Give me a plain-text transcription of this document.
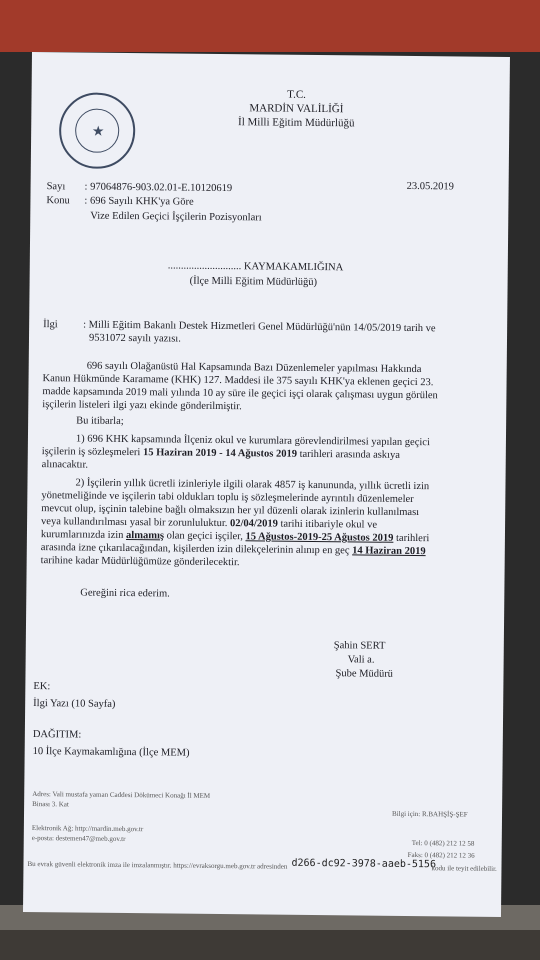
★
T.C.
MARDİN VALİLİĞİ
İl Milli Eğitim Müdürlüğü
Sayı : 97064876-903.02.01-E.10120619	23.05.2019
Konu : 696 Sayılı KHK'ya Göre
Vize Edilen Geçici İşçilerin Pozisyonları
............................ KAYMAKAMLIĞINA
(İlçe Milli Eğitim Müdürlüğü)
İlgi : Milli Eğitim Bakanlı Destek Hizmetleri Genel Müdürlüğü'nün 14/05/2019 tarih ve
9531072 sayılı yazısı.
696 sayılı Olağanüstü Hal Kapsamında Bazı Düzenlemeler yapılması Hakkında
Kanun Hükmünde Karamame (KHK) 127. Maddesi ile 375 sayılı KHK'ya eklenen geçici 23.
madde kapsamında 2019 mali yılında 10 ay süre ile geçici işçi olarak çalışması uygun görülen
işçilerin listeleri ilgi yazı ekinde gönderilmiştir.
Bu itibarla;
1) 696 KHK kapsamında İlçeniz okul ve kurumlara görevlendirilmesi yapılan geçici
işçilerin iş sözleşmeleri 15 Haziran 2019 - 14 Ağustos 2019 tarihleri arasında askıya
alınacaktır.
2) İşçilerin yıllık ücretli izinleriyle ilgili olarak 4857 iş kanununda, yıllık ücretli izin
yönetmeliğinde ve işçilerin tabi oldukları toplu iş sözleşmelerinde ayrıntılı düzenlemeler
mevcut olup, işçinin talebine bağlı olmaksızın her yıl düzenli olarak izinlerin kullanılması
veya kullandırılması yasal bir zorunluluktur. 02/04/2019 tarihi itibariyle okul ve
kurumlarınızda izin almamış olan geçici işçiler, 15 Ağustos-2019-25 Ağustos 2019 tarihleri
arasında izne çıkarılacağından, kişilerden izin dilekçelerinin alınıp en geç 14 Haziran 2019
tarihine kadar Müdürlüğümüze gönderilecektir.
Gereğini rica ederim.
Şahin SERT
Vali a.
Şube Müdürü
EK:
İlgi Yazı (10 Sayfa)
DAĞITIM:
10 İlçe Kaymakamlığına (İlçe MEM)
Adres: Vali mustafa yaman Caddesi Dökümeci Konağı İl MEM
Binası 3. Kat
Bilgi için: R.BAHŞİŞ-ŞEF
Elektronik Ağ: http://mardin.meb.gov.tr
e-posta: destemen47@meb.gov.tr
Tel: 0 (482) 212 12 58
Faks: 0 (482) 212 12 36
Bu evrak güvenli elektronik imza ile imzalanmıştır. https://evraksorgu.meb.gov.tr adresinden d266-dc92-3978-aaeb-5156
kodu ile teyit edilebilir.
